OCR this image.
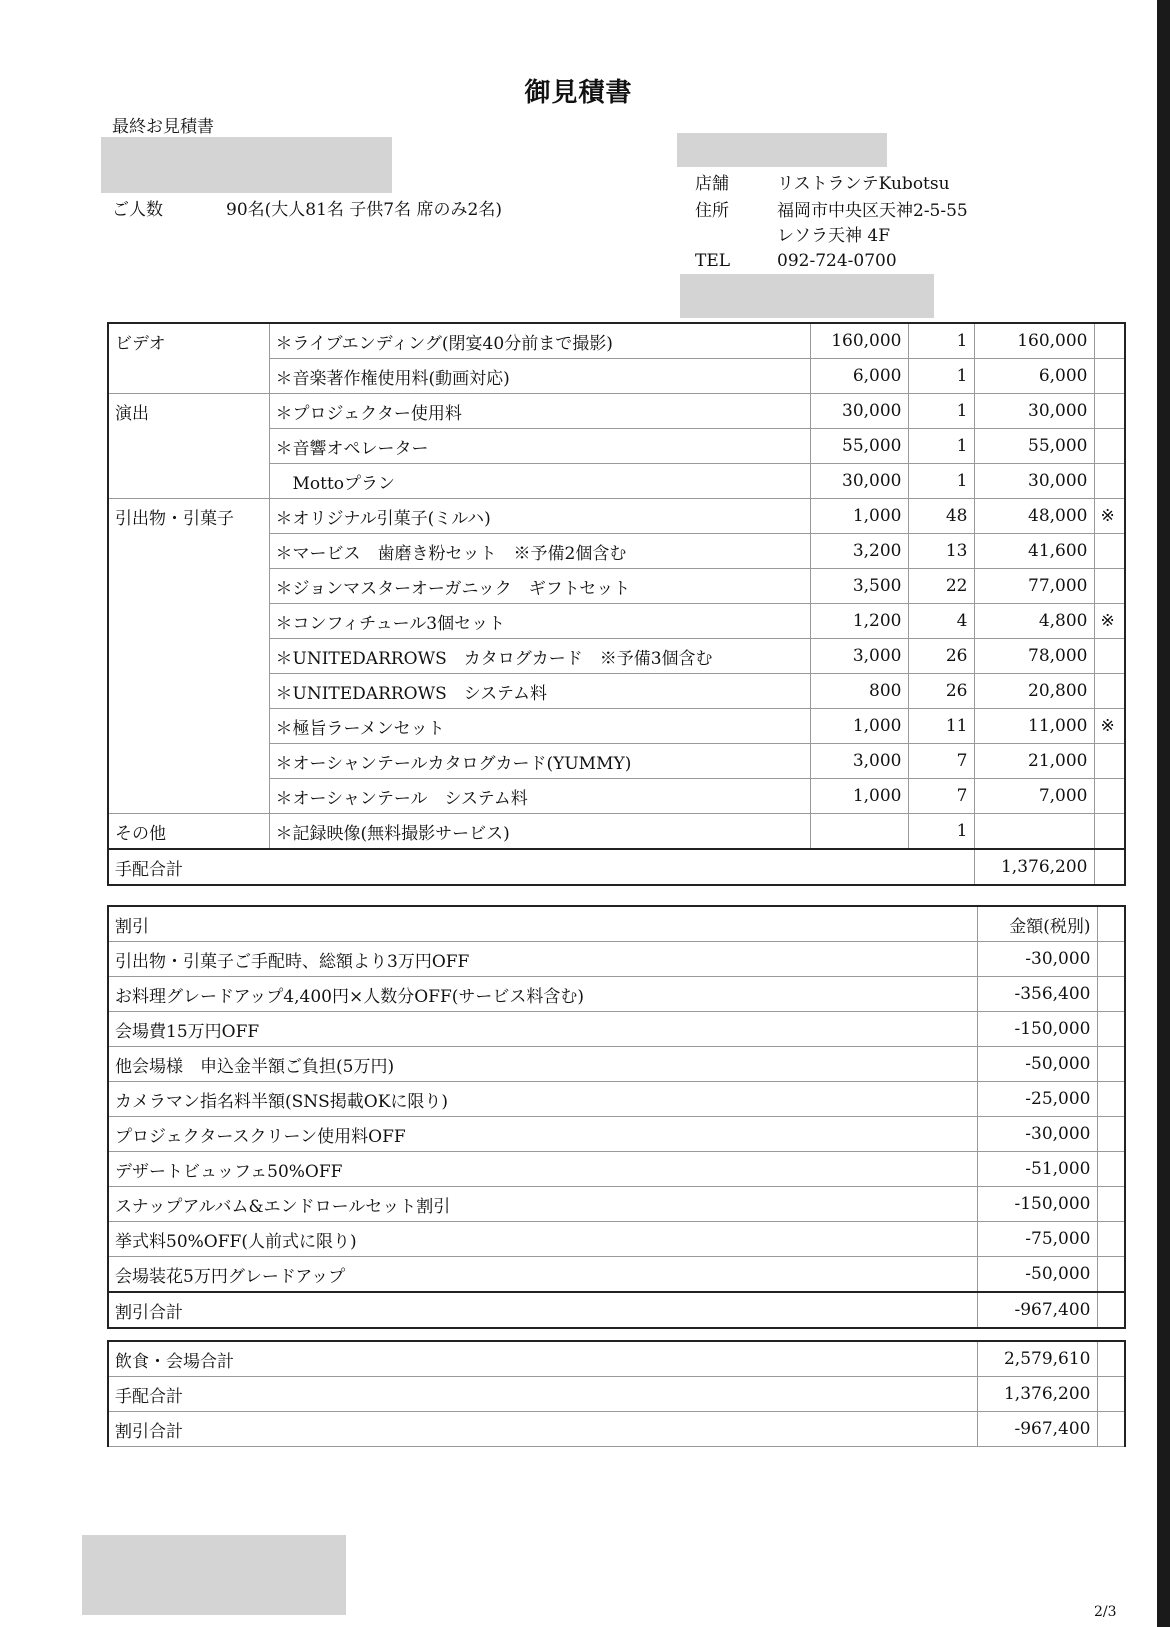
御見積書
最終お見積書
ご人数	90名(大人81名 子供7名 席のみ2名)
店舗	リストランテKubotsu
住所	福岡市中央区天神2-5-55
レソラ天神 4F
TEL	092-724-0700
ビデオ	＊ライブエンディング(閉宴40分前まで撮影)	160,000	1	160,000	
	＊音楽著作権使用料(動画対応)	6,000	1	6,000	
演出	＊プロジェクター使用料	30,000	1	30,000	
	＊音響オペレーター	55,000	1	55,000	
	　Mottoプラン	30,000	1	30,000	
引出物・引菓子	＊オリジナル引菓子(ミルハ)	1,000	48	48,000	※
	＊マービス　歯磨き粉セット　※予備2個含む	3,200	13	41,600	
	＊ジョンマスターオーガニック　ギフトセット	3,500	22	77,000	
	＊コンフィチュール3個セット	1,200	4	4,800	※
	＊UNITEDARROWS　カタログカード　※予備3個含む	3,000	26	78,000	
	＊UNITEDARROWS　システム料	800	26	20,800	
	＊極旨ラーメンセット	1,000	11	11,000	※
	＊オーシャンテールカタログカード(YUMMY)	3,000	7	21,000	
	＊オーシャンテール　システム料	1,000	7	7,000	
その他	＊記録映像(無料撮影サービス)		1		
手配合計				1,376,200	
割引	金額(税別)	
引出物・引菓子ご手配時、総額より3万円OFF	-30,000	
お料理グレードアップ4,400円×人数分OFF(サービス料含む)	-356,400	
会場費15万円OFF	-150,000	
他会場様　申込金半額ご負担(5万円)	-50,000	
カメラマン指名料半額(SNS掲載OKに限り)	-25,000	
プロジェクタースクリーン使用料OFF	-30,000	
デザートビュッフェ50%OFF	-51,000	
スナップアルバム&エンドロールセット割引	-150,000	
挙式料50%OFF(人前式に限り)	-75,000	
会場装花5万円グレードアップ	-50,000	
割引合計	-967,400	
飲食・会場合計	2,579,610	
手配合計	1,376,200	
割引合計	-967,400	
2/3
